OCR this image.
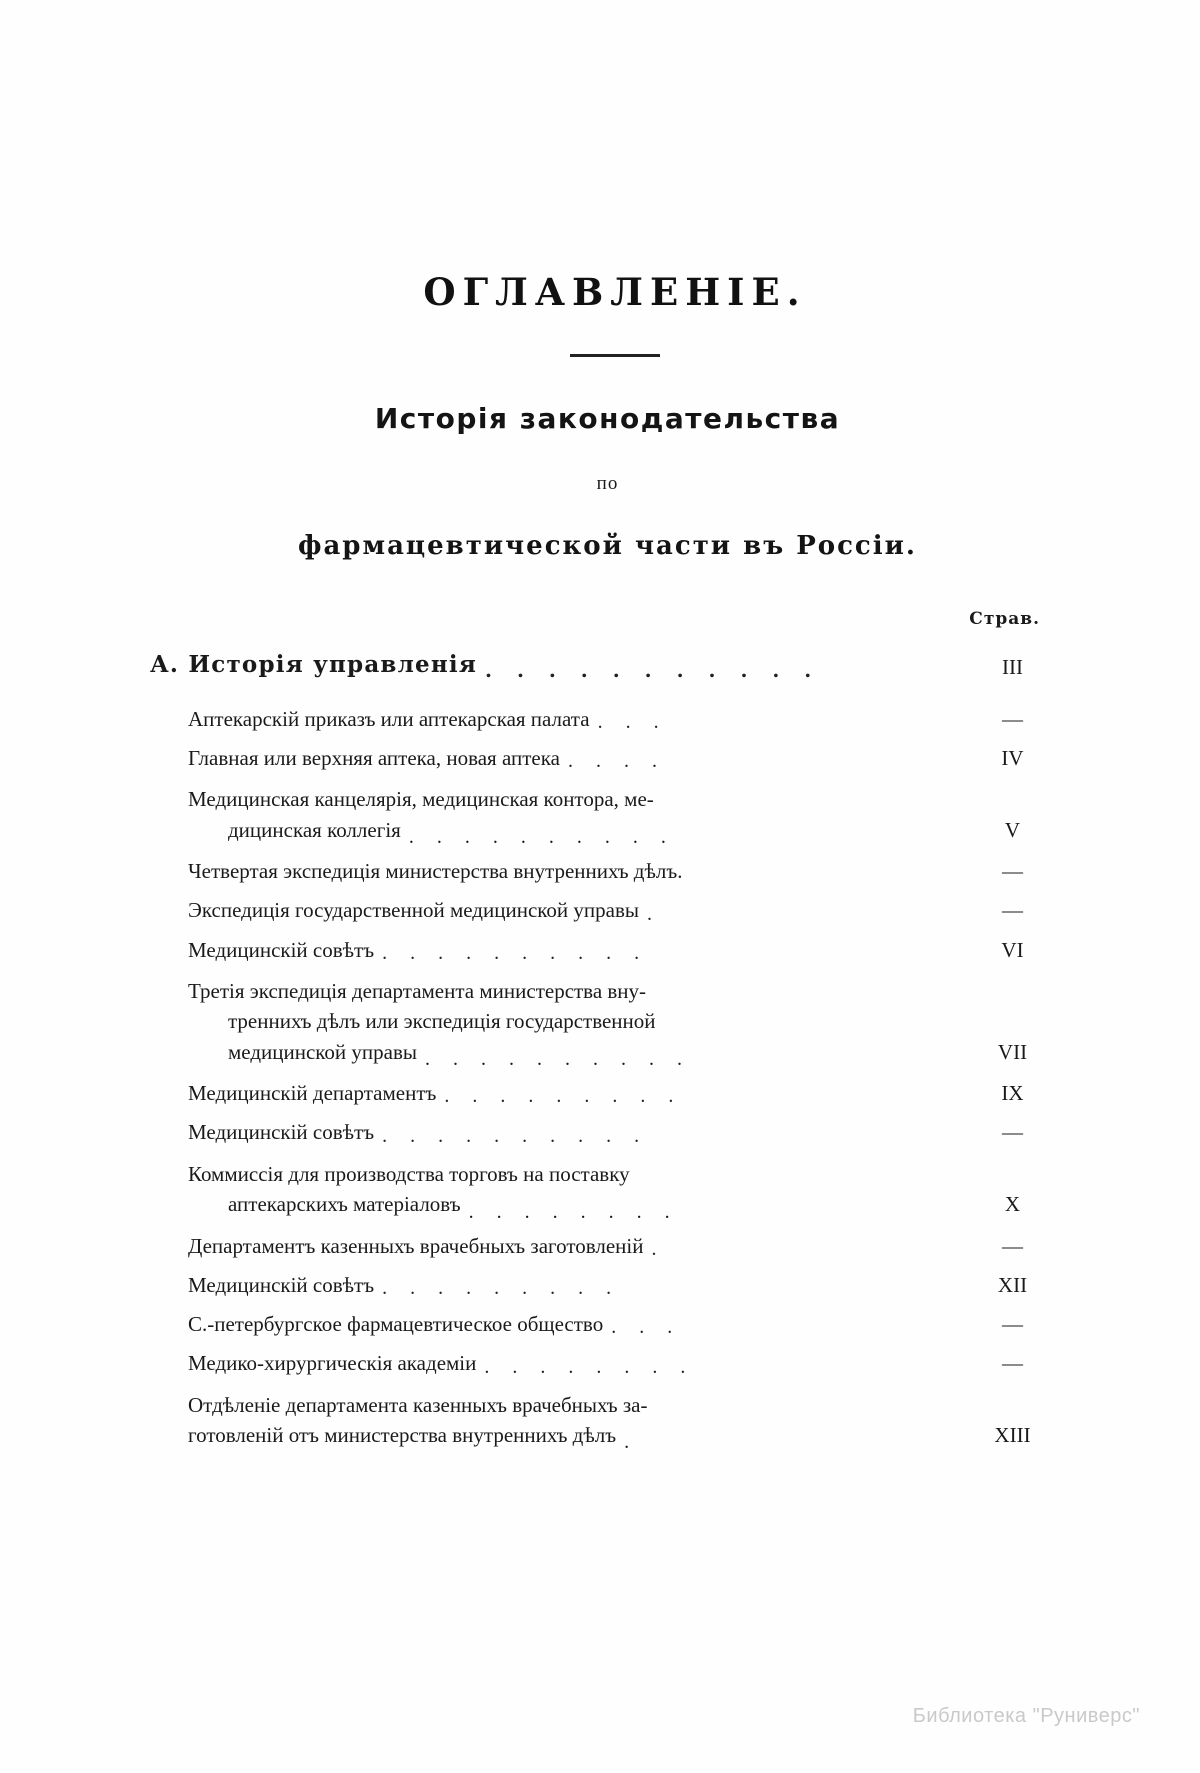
ОГЛАВЛЕНІЕ.
Исторія законодательства
по
фармацевтической части въ Россіи.
Страв.
А. Исторія управленія . . . . . . . . . . .	III
Аптекарскій приказъ или аптекарская палата . . .	—
Главная или верхняя аптека, новая аптека . . . .	IV
Медицинская канцелярія, медицинская контора, ме-
дицинская коллегія . . . . . . . . . .	V
Четвертая экспедиція министерства внутреннихъ дѣлъ.	—
Экспедиція государственной медицинской управы .	—
Медицинскій совѣтъ . . . . . . . . . .	VI
Третія экспедиція департамента министерства вну-
треннихъ дѣлъ или экспедиція государственной
медицинской управы . . . . . . . . . .	VII
Медицинскій департаментъ . . . . . . . . .	IX
Медицинскій совѣтъ . . . . . . . . . .	—
Коммиссія для производства торговъ на поставку
аптекарскихъ матеріаловъ . . . . . . . .	X
Департаментъ казенныхъ врачебныхъ заготовленій .	—
Медицинскій совѣтъ . . . . . . . . .	XII
С.-петербургское фармацевтическое общество . . .	—
Медико-хирургическія академіи . . . . . . . .	—
Отдѣленіе департамента казенныхъ врачебныхъ за-
готовленій отъ министерства внутреннихъ дѣлъ .	XIII
Библиотека "Руниверс"
